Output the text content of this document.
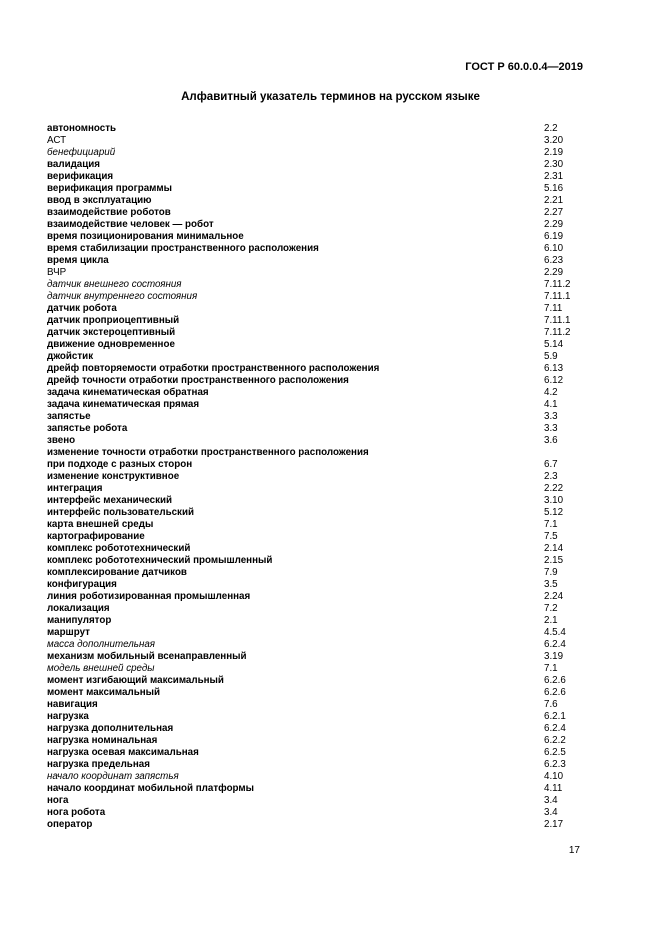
ГОСТ Р 60.0.0.4—2019
Алфавитный указатель терминов на русском языке
автономность	2.2
АСТ	3.20
бенефициарий	2.19
валидация	2.30
верификация	2.31
верификация программы	5.16
ввод в эксплуатацию	2.21
взаимодействие роботов	2.27
взаимодействие человек — робот	2.29
время позиционирования минимальное	6.19
время стабилизации пространственного расположения	6.10
время цикла	6.23
ВЧР	2.29
датчик внешнего состояния	7.11.2
датчик внутреннего состояния	7.11.1
датчик робота	7.11
датчик проприоцептивный	7.11.1
датчик экстероцептивный	7.11.2
движение одновременное	5.14
джойстик	5.9
дрейф повторяемости отработки пространственного расположения	6.13
дрейф точности отработки пространственного расположения	6.12
задача кинематическая обратная	4.2
задача кинематическая прямая	4.1
запястье	3.3
запястье робота	3.3
звено	3.6
изменение точности отработки пространственного расположения
при подходе с разных сторон	6.7
изменение конструктивное	2.3
интеграция	2.22
интерфейс механический	3.10
интерфейс пользовательский	5.12
карта внешней среды	7.1
картографирование	7.5
комплекс робототехнический	2.14
комплекс робототехнический промышленный	2.15
комплексирование датчиков	7.9
конфигурация	3.5
линия роботизированная промышленная	2.24
локализация	7.2
манипулятор	2.1
маршрут	4.5.4
масса дополнительная	6.2.4
механизм мобильный всенаправленный	3.19
модель внешней среды	7.1
момент изгибающий максимальный	6.2.6
момент максимальный	6.2.6
навигация	7.6
нагрузка	6.2.1
нагрузка дополнительная	6.2.4
нагрузка номинальная	6.2.2
нагрузка осевая максимальная	6.2.5
нагрузка предельная	6.2.3
начало координат запястья	4.10
начало координат мобильной платформы	4.11
нога	3.4
нога робота	3.4
оператор	2.17
17
